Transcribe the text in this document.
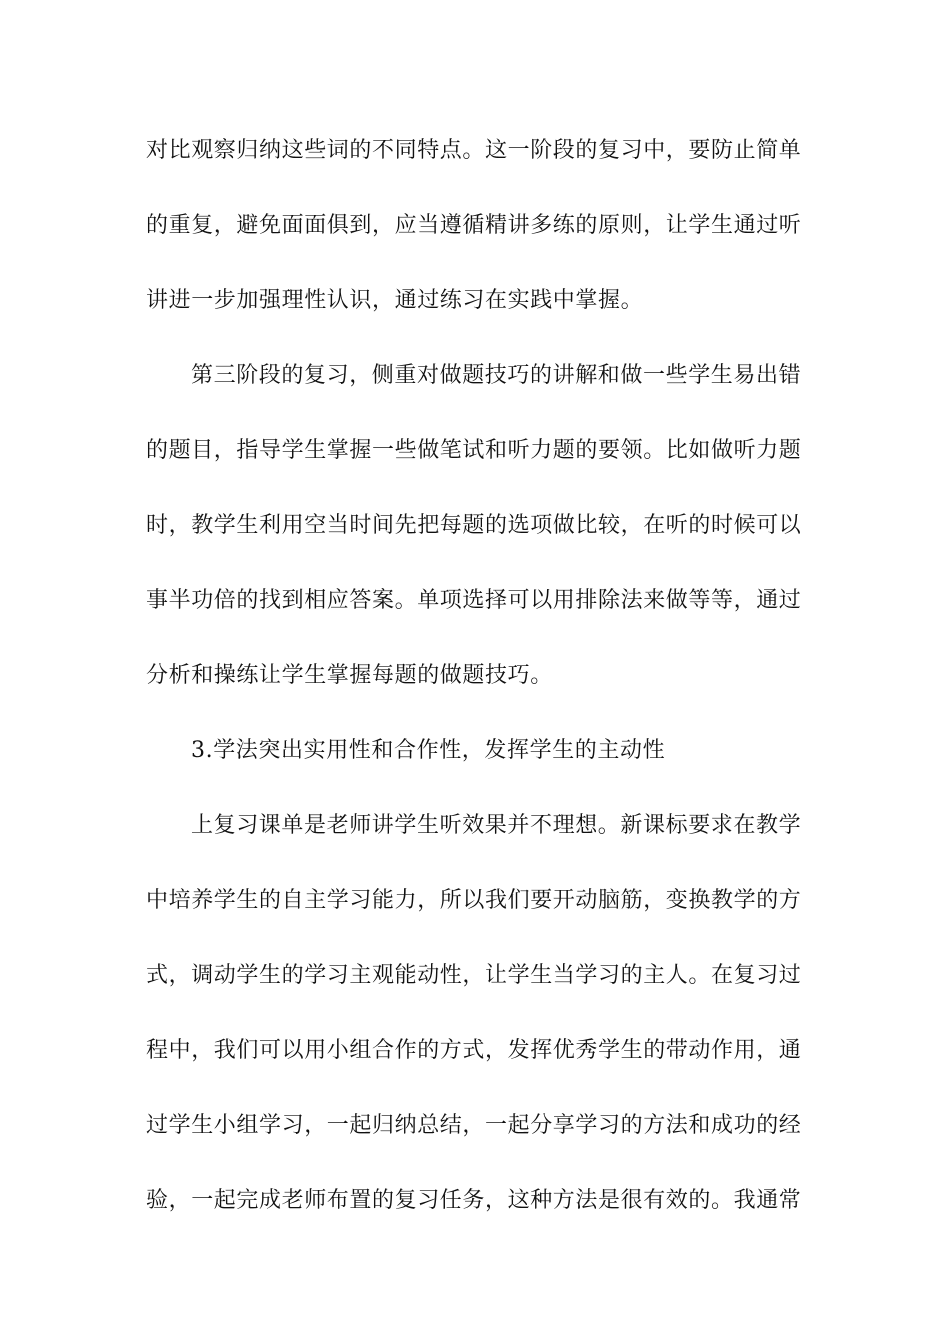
对比观察归纳这些词的不同特点。这一阶段的复习中，要防止简单
的重复，避免面面俱到，应当遵循精讲多练的原则，让学生通过听
讲进一步加强理性认识，通过练习在实践中掌握。
第三阶段的复习，侧重对做题技巧的讲解和做一些学生易出错
的题目，指导学生掌握一些做笔试和听力题的要领。比如做听力题
时，教学生利用空当时间先把每题的选项做比较，在听的时候可以
事半功倍的找到相应答案。单项选择可以用排除法来做等等，通过
分析和操练让学生掌握每题的做题技巧。
3.学法突出实用性和合作性，发挥学生的主动性
上复习课单是老师讲学生听效果并不理想。新课标要求在教学
中培养学生的自主学习能力，所以我们要开动脑筋，变换教学的方
式，调动学生的学习主观能动性，让学生当学习的主人。在复习过
程中，我们可以用小组合作的方式，发挥优秀学生的带动作用，通
过学生小组学习，一起归纳总结，一起分享学习的方法和成功的经
验，一起完成老师布置的复习任务，这种方法是很有效的。我通常
